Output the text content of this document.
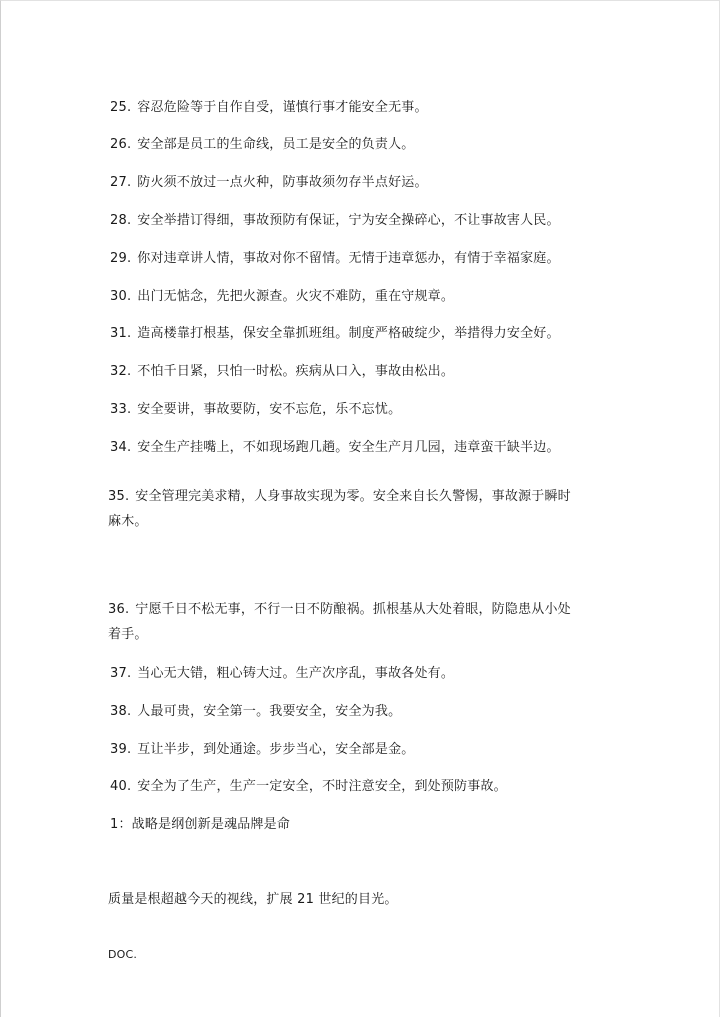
25. 容忍危险等于自作自受，谨慎行事才能安全无事。
26. 安全部是员工的生命线，员工是安全的负责人。
27. 防火须不放过一点火种，防事故须勿存半点好运。
28. 安全举措订得细，事故预防有保证，宁为安全操碎心，不让事故害人民。
29. 你对违章讲人情，事故对你不留情。无情于违章惩办，有情于幸福家庭。
30. 出门无惦念，先把火源查。火灾不难防，重在守规章。
31. 造高楼靠打根基，保安全靠抓班组。制度严格破绽少，举措得力安全好。
32. 不怕千日紧，只怕一时松。疾病从口入，事故由松出。
33. 安全要讲，事故要防，安不忘危，乐不忘忧。
34. 安全生产挂嘴上，不如现场跑几趟。安全生产月几园，违章蛮干缺半边。
35. 安全管理完美求精，人身事故实现为零。安全来自长久警惕，事故源于瞬时麻木。
36. 宁愿千日不松无事，不行一日不防酿祸。抓根基从大处着眼，防隐患从小处着手。
37. 当心无大错，粗心铸大过。生产次序乱，事故各处有。
38. 人最可贵，安全第一。我要安全，安全为我。
39. 互让半步，到处通途。步步当心，安全部是金。
40. 安全为了生产，生产一定安全，不时注意安全，到处预防事故。
1：战略是纲创新是魂品牌是命
质量是根超越今天的视线，扩展 21 世纪的目光。
DOC.
